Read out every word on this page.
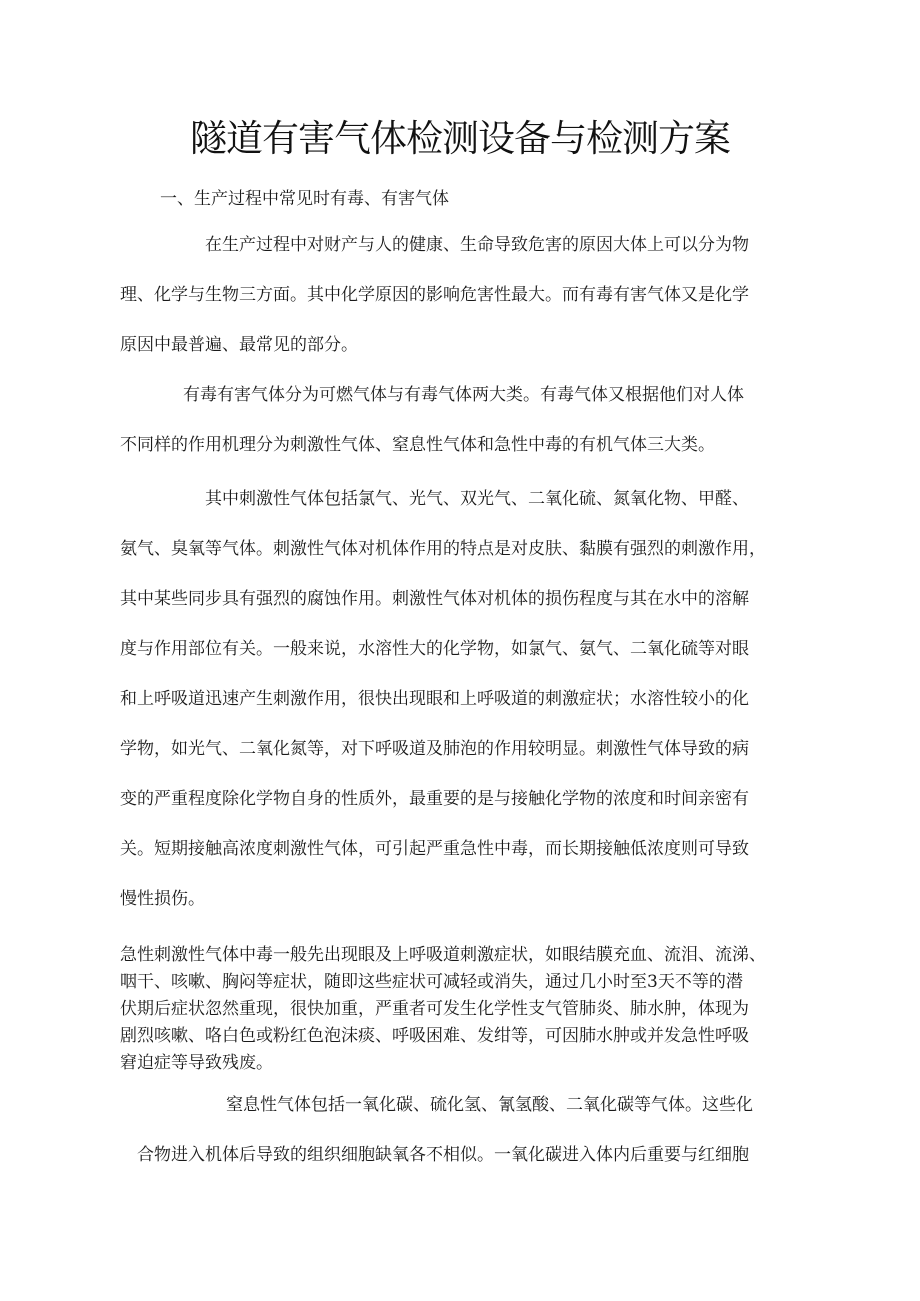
隧道有害气体检测设备与检测方案
一、生产过程中常见时有毒、有害气体
在生产过程中对财产与人的健康、生命导致危害的原因大体上可以分为物
理、化学与生物三方面。其中化学原因的影响危害性最大。而有毒有害气体又是化学
原因中最普遍、最常见的部分。
有毒有害气体分为可燃气体与有毒气体两大类。有毒气体又根据他们对人体
不同样的作用机理分为刺激性气体、窒息性气体和急性中毒的有机气体三大类。
其中刺激性气体包括氯气、光气、双光气、二氧化硫、氮氧化物、甲醛、
氨气、臭氧等气体。刺激性气体对机体作用的特点是对皮肤、黏膜有强烈的刺激作用，
其中某些同步具有强烈的腐蚀作用。刺激性气体对机体的损伤程度与其在水中的溶解
度与作用部位有关。一般来说，水溶性大的化学物，如氯气、氨气、二氧化硫等对眼
和上呼吸道迅速产生刺激作用，很快出现眼和上呼吸道的刺激症状；水溶性较小的化
学物，如光气、二氧化氮等，对下呼吸道及肺泡的作用较明显。刺激性气体导致的病
变的严重程度除化学物自身的性质外，最重要的是与接触化学物的浓度和时间亲密有
关。短期接触高浓度刺激性气体，可引起严重急性中毒，而长期接触低浓度则可导致
慢性损伤。
急性刺激性气体中毒一般先出现眼及上呼吸道刺激症状，如眼结膜充血、流泪、流涕、
咽干、咳嗽、胸闷等症状，随即这些症状可减轻或消失，通过几小时至3天不等的潜
伏期后症状忽然重现，很快加重，严重者可发生化学性支气管肺炎、肺水肿，体现为
剧烈咳嗽、咯白色或粉红色泡沫痰、呼吸困难、发绀等，可因肺水肿或并发急性呼吸
窘迫症等导致残废。
窒息性气体包括一氧化碳、硫化氢、氰氢酸、二氧化碳等气体。这些化
合物进入机体后导致的组织细胞缺氧各不相似。一氧化碳进入体内后重要与红细胞
